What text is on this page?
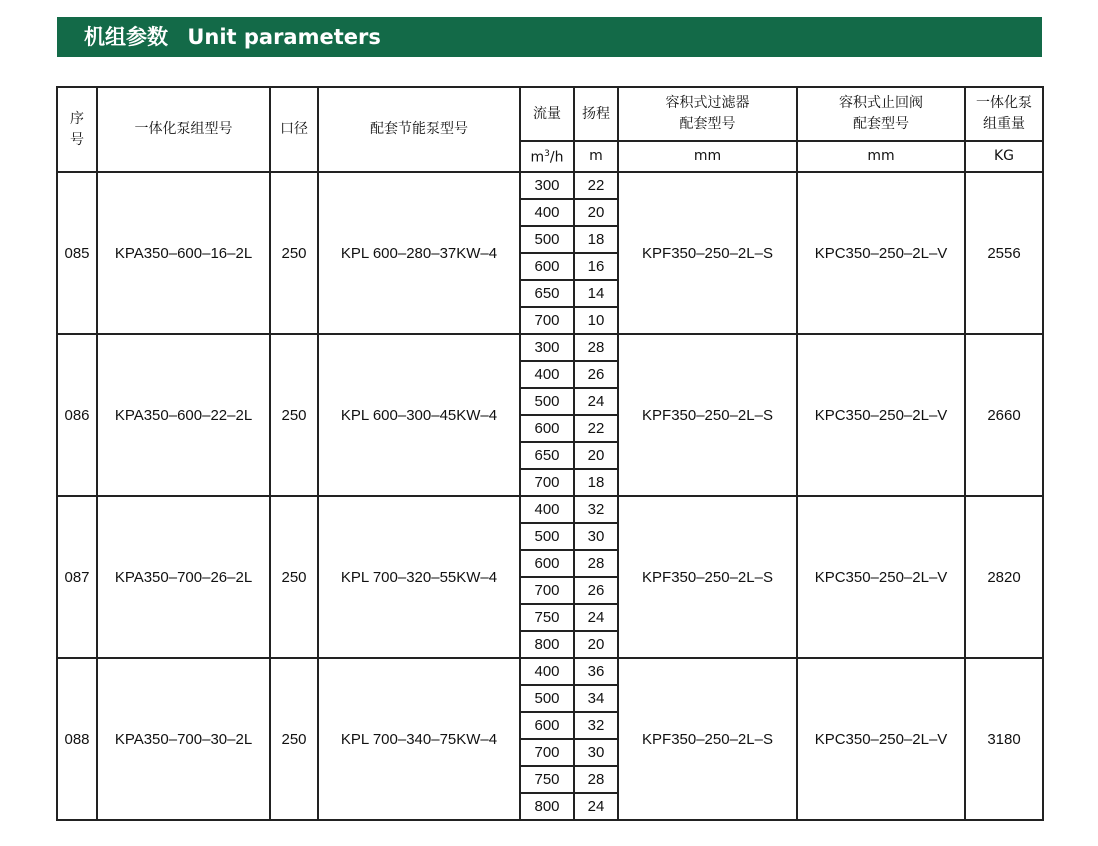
机组参数 Unit parameters
序号	一体化泵组型号	口径	配套节能泵型号	流量	扬程	容积式过滤器配套型号	容积式止回阀配套型号	一体化泵组重量
				$m^3/h$	m	mm	mm	KG
085	KPA350–600–16–2L	250	KPL 600–280–37KW–4	300	22	KPF350–250–2L–S	KPC350–250–2L–V	2556
				400	20			
				500	18			
				600	16			
				650	14			
				700	10			
086	KPA350–600–22–2L	250	KPL 600–300–45KW–4	300	28	KPF350–250–2L–S	KPC350–250–2L–V	2660
				400	26			
				500	24			
				600	22			
				650	20			
				700	18			
087	KPA350–700–26–2L	250	KPL 700–320–55KW–4	400	32	KPF350–250–2L–S	KPC350–250–2L–V	2820
				500	30			
				600	28			
				700	26			
				750	24			
				800	20			
088	KPA350–700–30–2L	250	KPL 700–340–75KW–4	400	36	KPF350–250–2L–S	KPC350–250–2L–V	3180
				500	34			
				600	32			
				700	30			
				750	28			
				800	24			
